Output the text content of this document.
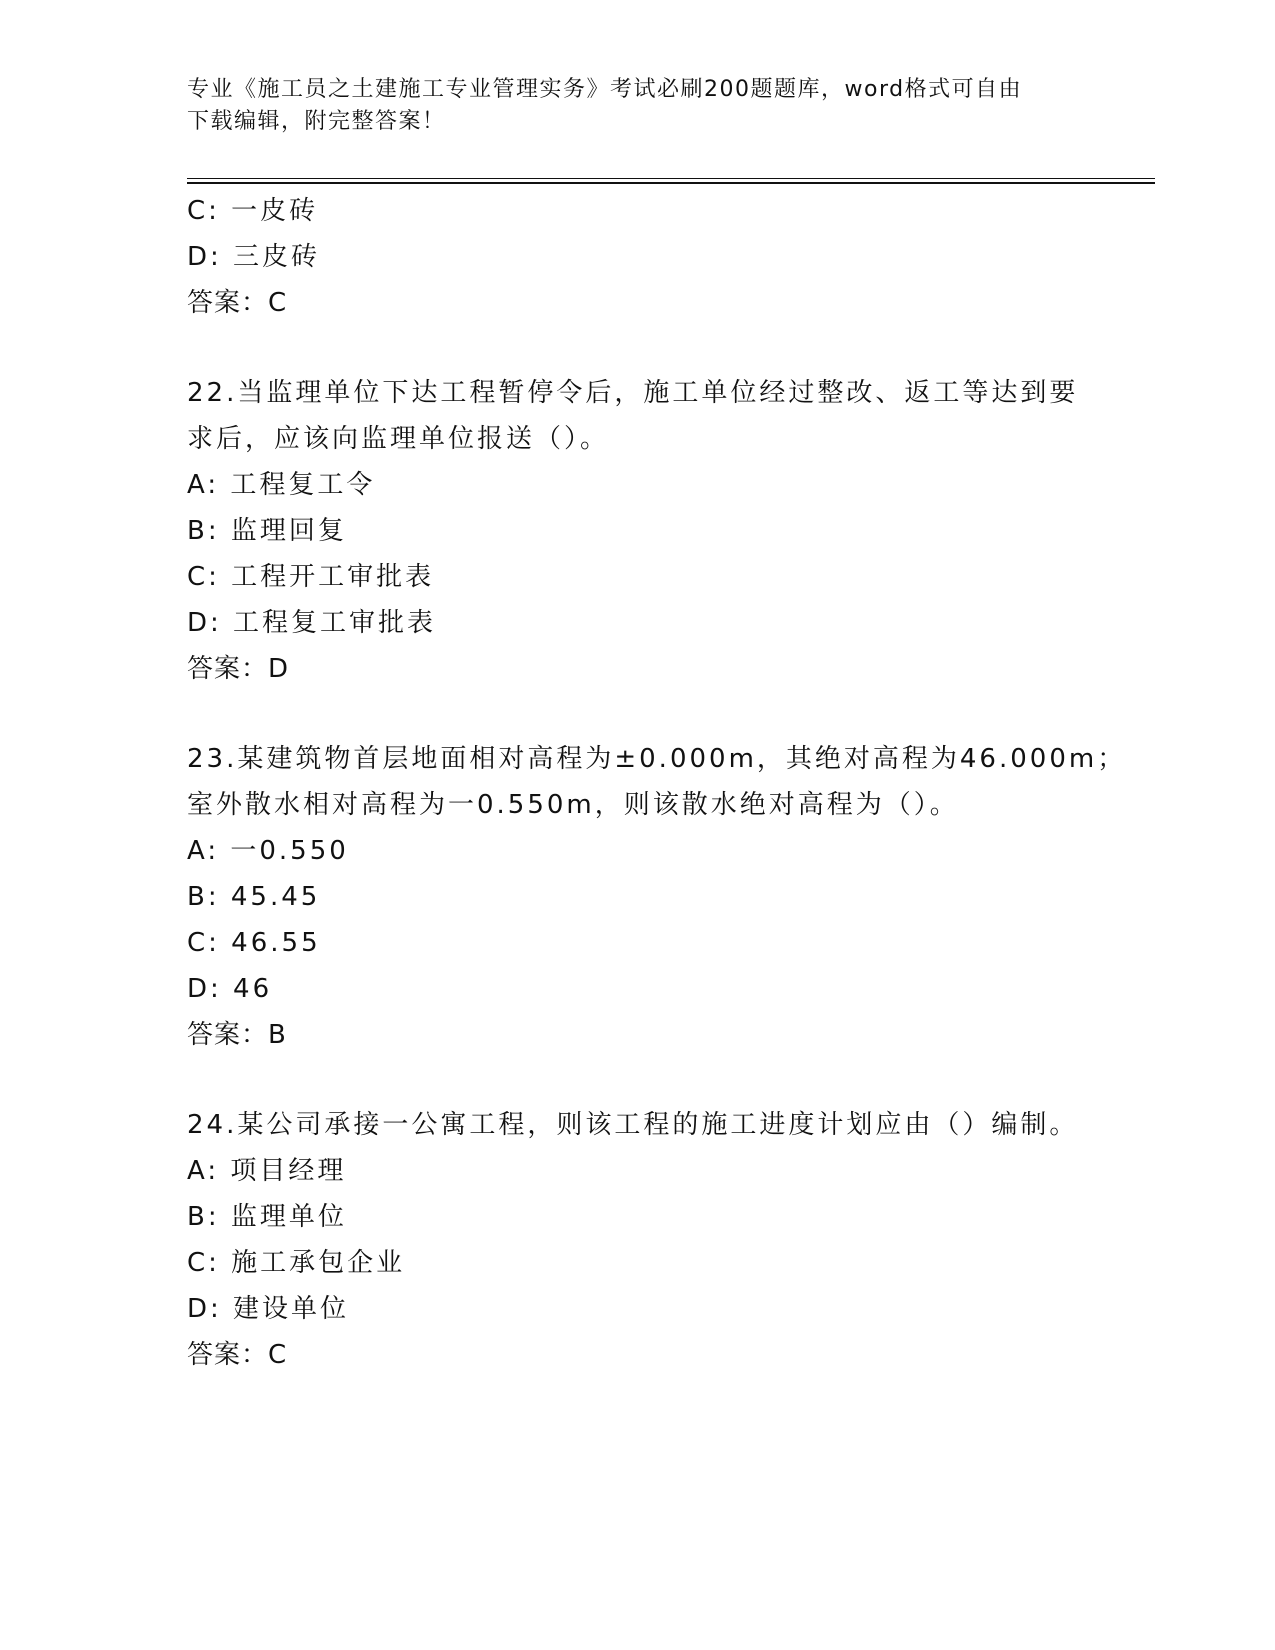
专业《施工员之土建施工专业管理实务》考试必刷200题题库，word格式可自由
下载编辑，附完整答案！
C: 一皮砖
D: 三皮砖
答案：C
22.当监理单位下达工程暂停令后，施工单位经过整改、返工等达到要
求后，应该向监理单位报送（）。
A: 工程复工令
B: 监理回复
C: 工程开工审批表
D: 工程复工审批表
答案：D
23.某建筑物首层地面相对高程为±0.000m，其绝对高程为46.000m；
室外散水相对高程为一0.550m，则该散水绝对高程为（）。
A: 一0.550
B: 45.45
C: 46.55
D: 46
答案：B
24.某公司承接一公寓工程，则该工程的施工进度计划应由（）编制。
A: 项目经理
B: 监理单位
C: 施工承包企业
D: 建设单位
答案：C
